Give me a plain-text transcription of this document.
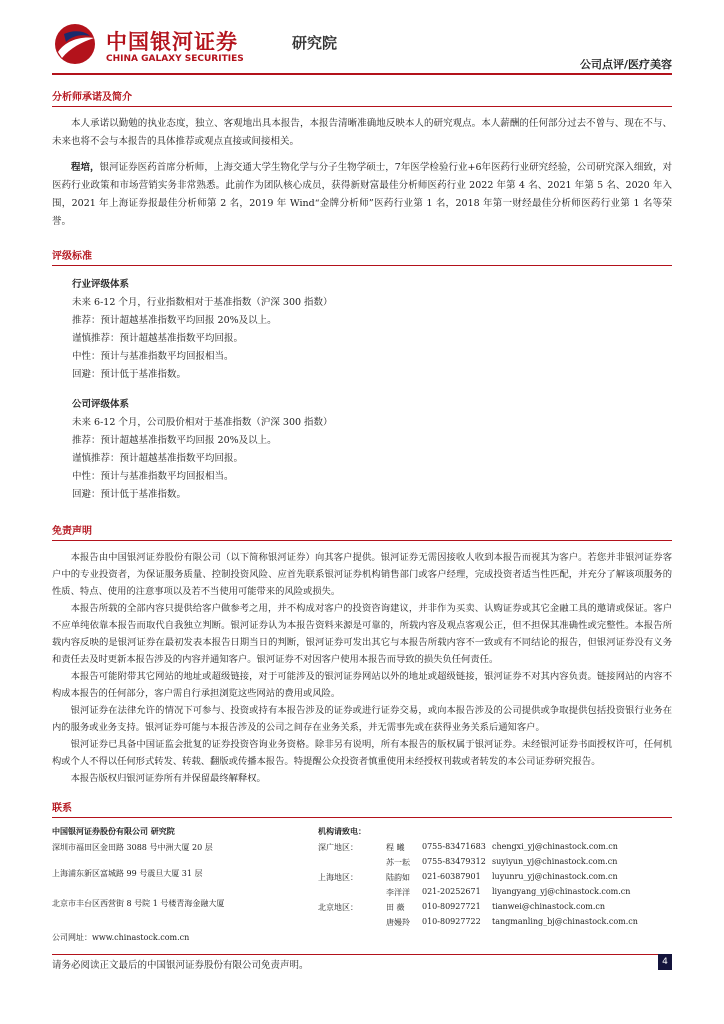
中国银河证券
CHINA GALAXY SECURITIES
研究院
公司点评/医疗美容
分析师承诺及简介

本人承诺以勤勉的执业态度，独立、客观地出具本报告，本报告清晰准确地反映本人的研究观点。本人薪酬的任何部分过去不曾与、现在不与、未来也将不会与本报告的具体推荐或观点直接或间接相关。

程培，银河证券医药首席分析师，上海交通大学生物化学与分子生物学硕士，7年医学检验行业+6年医药行业研究经验，公司研究深入细致，对医药行业政策和市场营销实务非常熟悉。此前作为团队核心成员，获得新财富最佳分析师医药行业 2022 年第 4 名、2021 年第 5 名、2020 年入围，2021 年上海证券报最佳分析师第 2 名，2019 年 Wind“金牌分析师”医药行业第 1 名，2018 年第一财经最佳分析师医药行业第 1 名等荣誉。

评级标准
行业评级体系
未来 6-12 个月，行业指数相对于基准指数（沪深 300 指数）
推荐：预计超越基准指数平均回报 20%及以上。
谨慎推荐：预计超越基准指数平均回报。
中性：预计与基准指数平均回报相当。
回避：预计低于基准指数。
公司评级体系
未来 6-12 个月，公司股价相对于基准指数（沪深 300 指数）
推荐：预计超越基准指数平均回报 20%及以上。
谨慎推荐：预计超越基准指数平均回报。
中性：预计与基准指数平均回报相当。
回避：预计低于基准指数。
免责声明

本报告由中国银河证券股份有限公司（以下简称银河证券）向其客户提供。银河证券无需因接收人收到本报告而视其为客户。若您并非银河证券客户中的专业投资者，为保证服务质量、控制投资风险、应首先联系银河证券机构销售部门或客户经理，完成投资者适当性匹配，并充分了解该项服务的性质、特点、使用的注意事项以及若不当使用可能带来的风险或损失。

本报告所载的全部内容只提供给客户做参考之用，并不构成对客户的投资咨询建议，并非作为买卖、认购证券或其它金融工具的邀请或保证。客户不应单纯依靠本报告而取代自我独立判断。银河证券认为本报告资料来源是可靠的，所载内容及观点客观公正，但不担保其准确性或完整性。本报告所载内容反映的是银河证券在最初发表本报告日期当日的判断，银河证券可发出其它与本报告所载内容不一致或有不同结论的报告，但银河证券没有义务和责任去及时更新本报告涉及的内容并通知客户。银河证券不对因客户使用本报告而导致的损失负任何责任。

本报告可能附带其它网站的地址或超级链接，对于可能涉及的银河证券网站以外的地址或超级链接，银河证券不对其内容负责。链接网站的内容不构成本报告的任何部分，客户需自行承担浏览这些网站的费用或风险。

银河证券在法律允许的情况下可参与、投资或持有本报告涉及的证券或进行证券交易，或向本报告涉及的公司提供或争取提供包括投资银行业务在内的服务或业务支持。银河证券可能与本报告涉及的公司之间存在业务关系，并无需事先或在获得业务关系后通知客户。

银河证券已具备中国证监会批复的证券投资咨询业务资格。除非另有说明，所有本报告的版权属于银河证券。未经银河证券书面授权许可，任何机构或个人不得以任何形式转发、转载、翻版或传播本报告。特提醒公众投资者慎重使用未经授权刊载或者转发的本公司证券研究报告。

本报告版权归银河证券所有并保留最终解释权。

联系
中国银河证券股份有限公司 研究院
深圳市福田区金田路 3088 号中洲大厦 20 层
上海浦东新区富城路 99 号震旦大厦 31 层
北京市丰台区西营街 8 号院 1 号楼青海金融大厦
公司网址：www.chinastock.com.cn
机构请致电：
深广地区：
上海地区：
北京地区：
程 曦 0755-83471683 chengxi_yj@chinastock.com.cn
苏一耘 0755-83479312 suyiyun_yj@chinastock.com.cn
陆韵如 021-60387901 luyunru_yj@chinastock.com.cn
李洋洋 021-20252671 liyangyang_yj@chinastock.com.cn
田 薇 010-80927721 tianwei@chinastock.com.cn
唐嫚羚 010-80927722 tangmanling_bj@chinastock.com.cn
请务必阅读正文最后的中国银河证券股份有限公司免责声明。	4
